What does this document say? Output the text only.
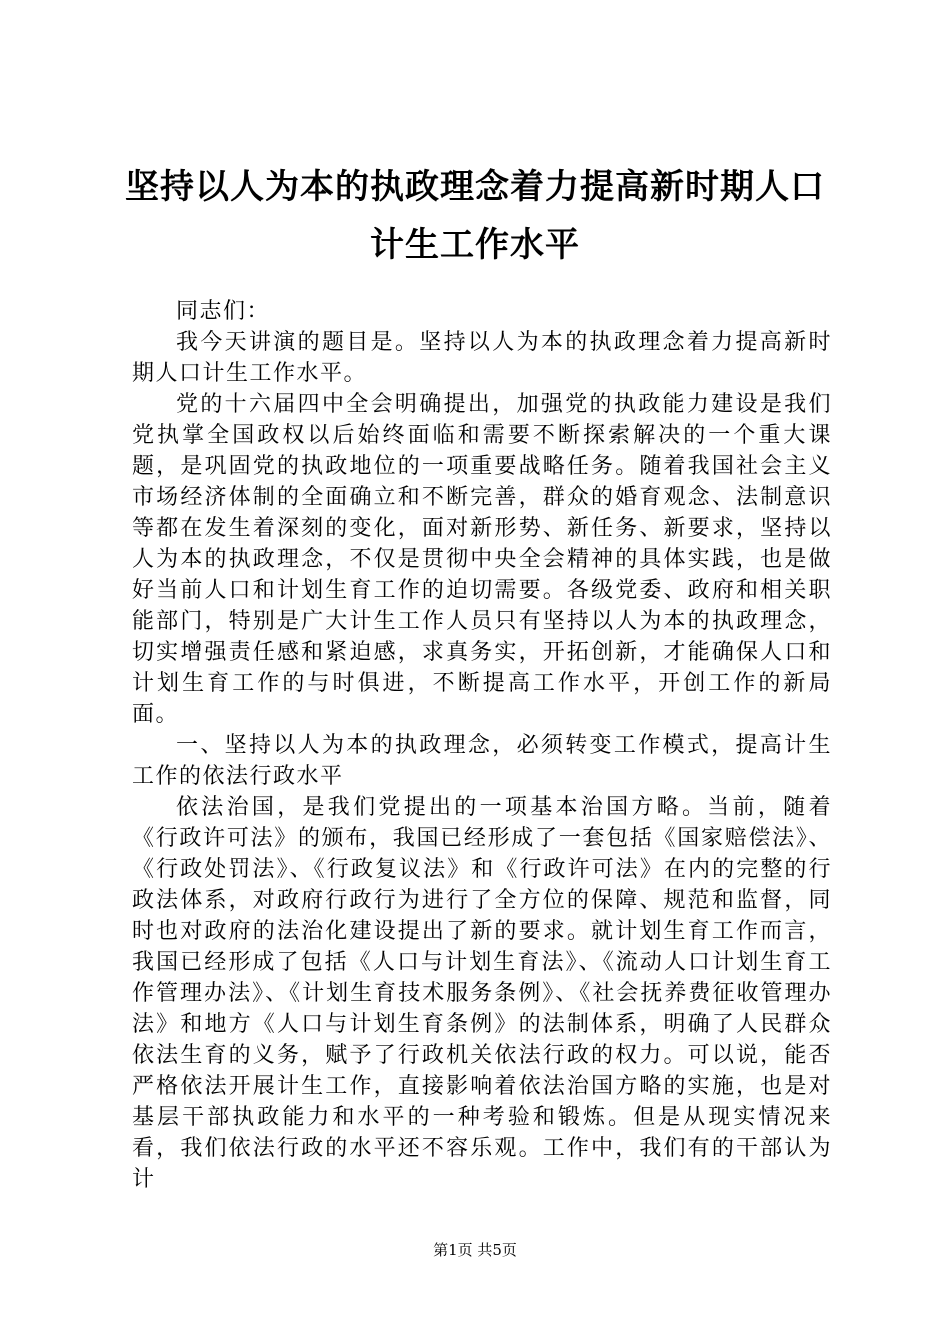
坚持以人为本的执政理念着力提高新时期人口计生工作水平

同志们：

我今天讲演的题目是。坚持以人为本的执政理念着力提高新时期人口计生工作水平。

党的十六届四中全会明确提出，加强党的执政能力建设是我们党执掌全国政权以后始终面临和需要不断探索解决的一个重大课题，是巩固党的执政地位的一项重要战略任务。随着我国社会主义市场经济体制的全面确立和不断完善，群众的婚育观念、法制意识等都在发生着深刻的变化，面对新形势、新任务、新要求，坚持以人为本的执政理念，不仅是贯彻中央全会精神的具体实践，也是做好当前人口和计划生育工作的迫切需要。各级党委、政府和相关职能部门，特别是广大计生工作人员只有坚持以人为本的执政理念，切实增强责任感和紧迫感，求真务实，开拓创新，才能确保人口和计划生育工作的与时俱进，不断提高工作水平，开创工作的新局面。

一、坚持以人为本的执政理念，必须转变工作模式，提高计生工作的依法行政水平

依法治国，是我们党提出的一项基本治国方略。当前，随着《行政许可法》的颁布，我国已经形成了一套包括《国家赔偿法》、《行政处罚法》、《行政复议法》和《行政许可法》在内的完整的行政法体系，对政府行政行为进行了全方位的保障、规范和监督，同时也对政府的法治化建设提出了新的要求。就计划生育工作而言，我国已经形成了包括《人口与计划生育法》、《流动人口计划生育工作管理办法》、《计划生育技术服务条例》、《社会抚养费征收管理办法》和地方《人口与计划生育条例》的法制体系，明确了人民群众依法生育的义务，赋予了行政机关依法行政的权力。可以说，能否严格依法开展计生工作，直接影响着依法治国方略的实施，也是对基层干部执政能力和水平的一种考验和锻炼。但是从现实情况来看，我们依法行政的水平还不容乐观。工作中，我们有的干部认为计

第1页 共5页
